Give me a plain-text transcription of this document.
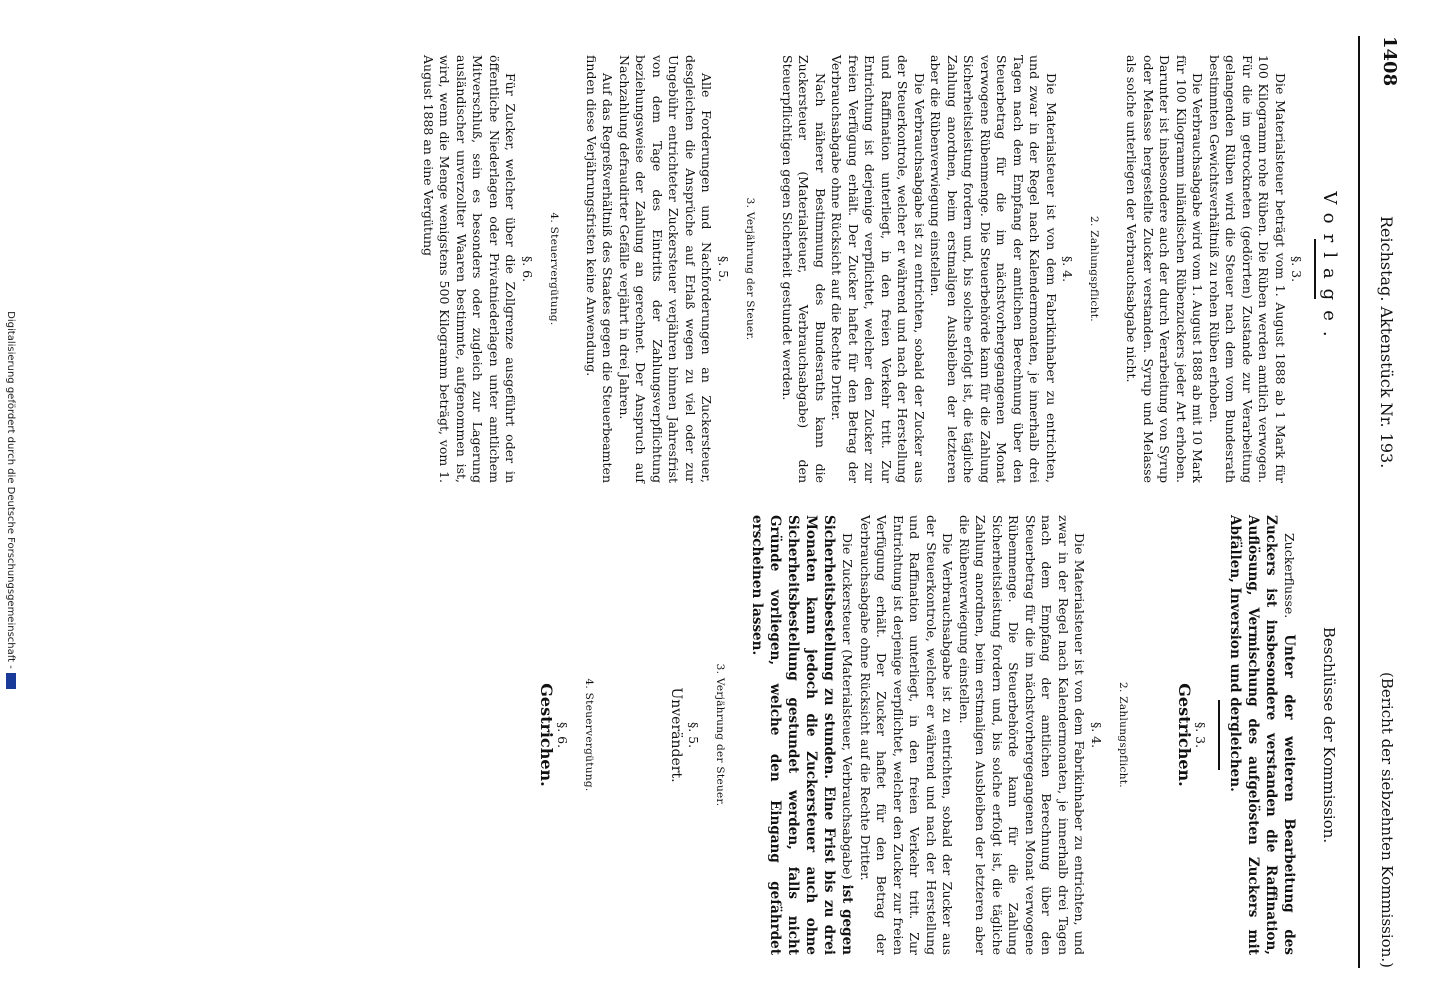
1408
Reichstag. Aktenstück Nr. 193.
(Bericht der siebzehnten Kommission.)

Vorlage.

§. 3.

Die Materialsteuer beträgt vom 1. August 1888 ab 1 Mark für 100 Kilogramm rohe Rüben. Die Rüben werden amtlich verwogen. Für die im getrockneten (gedörrten) Zustande zur Verarbeitung gelangenden Rüben wird die Steuer nach dem vom Bundesrath bestimmten Gewichtsverhältniß zu rohen Rüben erhoben.

Die Verbrauchsabgabe wird vom 1. August 1888 ab mit 10 Mark für 100 Kilogramm inländischen Rübenzuckers jeder Art erhoben. Darunter ist insbesondere auch der durch Verarbeitung von Syrup oder Melasse hergestellte Zucker verstanden. Syrup und Melasse als solche unterliegen der Verbrauchsabgabe nicht.

2. Zahlungspflicht.

§. 4.

Die Materialsteuer ist von dem Fabrikinhaber zu entrichten, und zwar in der Regel nach Kalendermonaten, je innerhalb drei Tagen nach dem Empfang der amtlichen Berechnung über den Steuerbetrag für die im nächstvorhergegangenen Monat verwogene Rübenmenge. Die Steuerbehörde kann für die Zahlung Sicherheitsleistung fordern und, bis solche erfolgt ist, die tägliche Zahlung anordnen, beim erstmaligen Ausbleiben der letzteren aber die Rübenverwiegung einstellen.

Die Verbrauchsabgabe ist zu entrichten, sobald der Zucker aus der Steuerkontrole, welcher er während und nach der Herstellung und Raffination unterliegt, in den freien Verkehr tritt. Zur Entrichtung ist derjenige verpflichtet, welcher den Zucker zur freien Verfügung erhält. Der Zucker haftet für den Betrag der Verbrauchsabgabe ohne Rücksicht auf die Rechte Dritter.

Nach näherer Bestimmung des Bundesraths kann die Zuckersteuer (Materialsteuer, Verbrauchsabgabe) den Steuerpflichtigen gegen Sicherheit gestundet werden.

3. Verjährung der Steuer.

§. 5.

Alle Forderungen und Nachforderungen an Zuckersteuer, desgleichen die Ansprüche auf Erlaß wegen zu viel oder zur Ungebühr entrichteter Zuckersteuer verjähren binnen Jahresfrist von dem Tage des Eintritts der Zahlungsverpflichtung beziehungsweise der Zahlung an gerechnet. Der Anspruch auf Nachzahlung defraudirter Gefälle verjährt in drei Jahren.

Auf das Regreßverhältniß des Staates gegen die Steuerbeamten finden diese Verjährungsfristen keine Anwendung.

4. Steuervergütung.

§. 6.

Für Zucker, welcher über die Zollgrenze ausgeführt oder in öffentliche Niederlagen oder Privatniederlagen unter amtlichem Mitverschluß, sein es besonders oder zugleich zur Lagerung ausländischer unverzollter Waaren bestimmte, aufgenommen ist, wird, wenn die Menge wenigstens 500 Kilogramm beträgt, vom 1. August 1888 an eine Vergütung

Beschlüsse der Kommission.

Zuckerflusse. Unter der weiteren Bearbeitung des Zuckers ist insbesondere verstanden die Raffination, Auflösung, Vermischung des aufgelösten Zuckers mit Abfällen, Inversion und dergleichen.

§. 3.

Gestrichen.

2. Zahlungspflicht.

§. 4.

Die Materialsteuer ist von dem Fabrikinhaber zu entrichten, und zwar in der Regel nach Kalendermonaten, je innerhalb drei Tagen nach dem Empfang der amtlichen Berechnung über den Steuerbetrag für die im nächstvorhergegangenen Monat verwogene Rübenmenge. Die Steuerbehörde kann für die Zahlung Sicherheitsleistung fordern und, bis solche erfolgt ist, die tägliche Zahlung anordnen, beim erstmaligen Ausbleiben der letzteren aber die Rübenverwiegung einstellen.

Die Verbrauchsabgabe ist zu entrichten, sobald der Zucker aus der Steuerkontrole, welcher er während und nach der Herstellung und Raffination unterliegt, in den freien Verkehr tritt. Zur Entrichtung ist derjenige verpflichtet, welcher den Zucker zur freien Verfügung erhält. Der Zucker haftet für den Betrag der Verbrauchsabgabe ohne Rücksicht auf die Rechte Dritter.

Die Zuckersteuer (Materialsteuer, Verbrauchsabgabe) ist gegen Sicherheitsbestellung zu stunden. Eine Frist bis zu drei Monaten kann jedoch die Zuckersteuer auch ohne Sicherheitsbestellung gestundet werden, falls nicht Gründe vorliegen, welche den Eingang gefährdet erscheinen lassen.

3. Verjährung der Steuer.

§. 5.

Unverändert.

4. Steuervergütung.

§. 6.

Gestrichen.

Digitalisierung gefördert durch die Deutsche Forschungsgemeinschaft -
